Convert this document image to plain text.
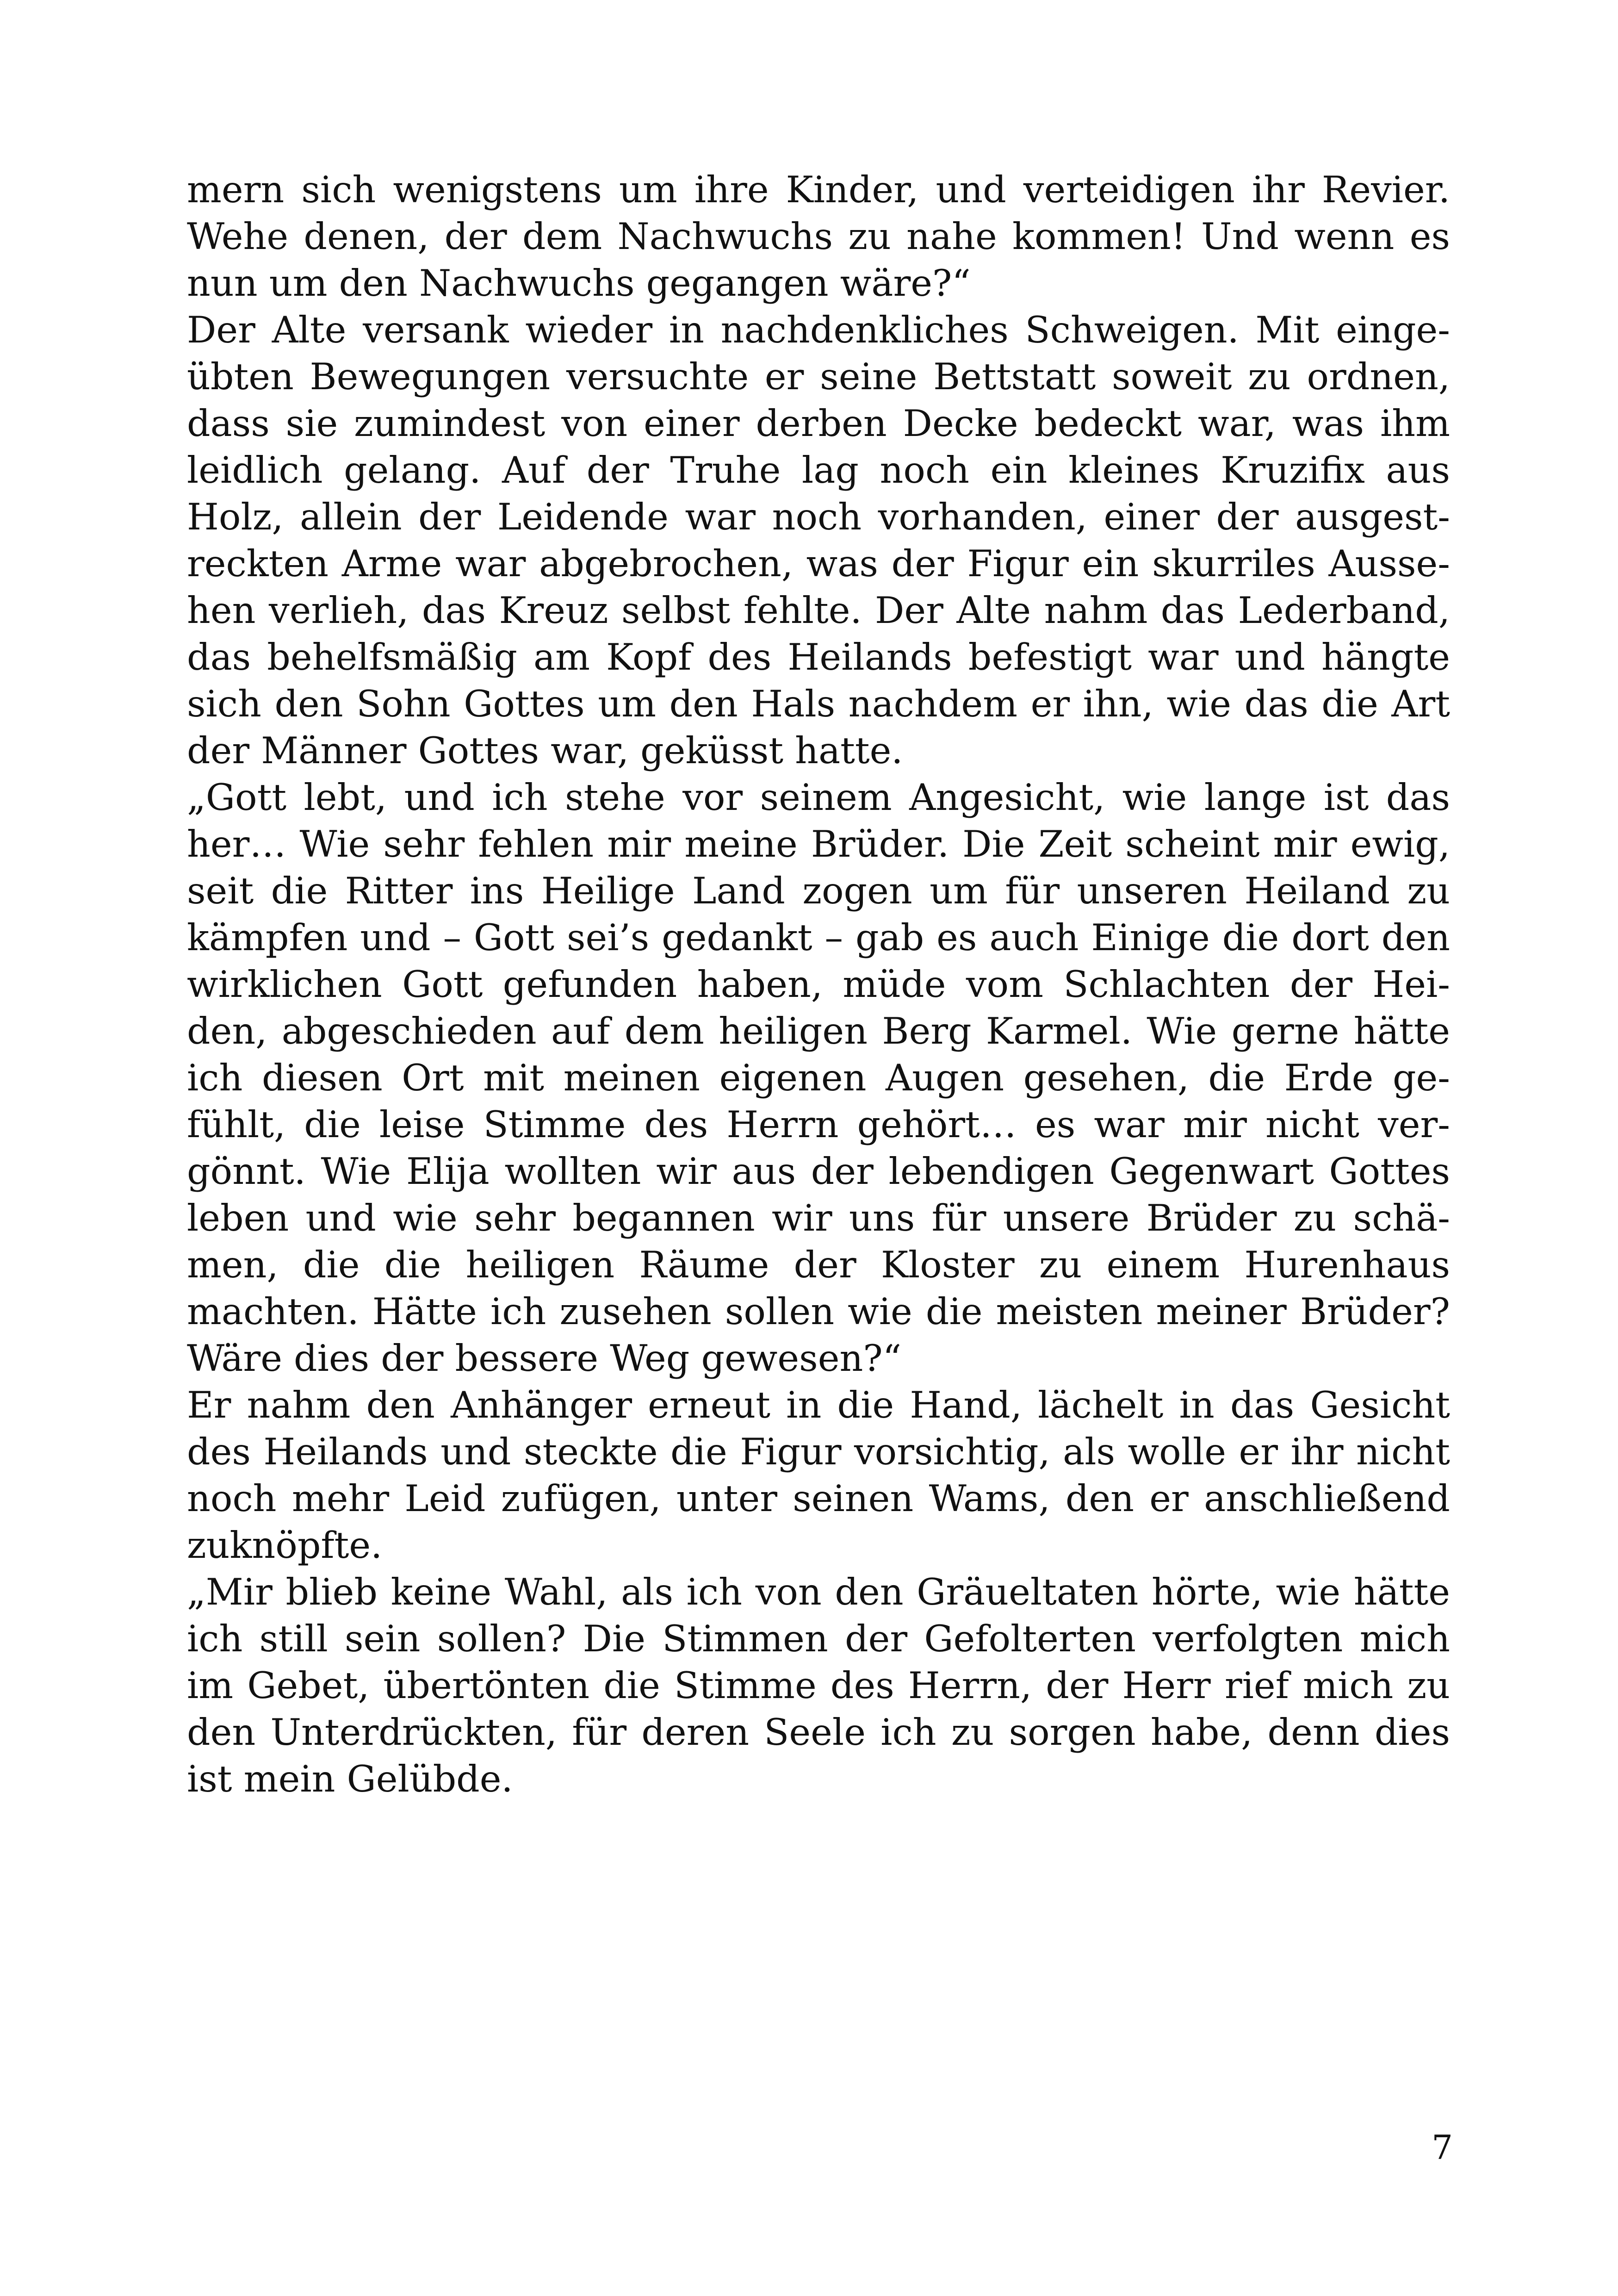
mern sich wenigstens um ihre Kinder, und verteidigen ihr Revier.
Wehe denen, der dem Nachwuchs zu nahe kommen! Und wenn es
nun um den Nachwuchs gegangen wäre?“
Der Alte versank wieder in nachdenkliches Schweigen. Mit einge-
übten Bewegungen versuchte er seine Bettstatt soweit zu ordnen,
dass sie zumindest von einer derben Decke bedeckt war, was ihm
leidlich gelang. Auf der Truhe lag noch ein kleines Kruzifix aus
Holz, allein der Leidende war noch vorhanden, einer der ausgest-
reckten Arme war abgebrochen, was der Figur ein skurriles Ausse-
hen verlieh, das Kreuz selbst fehlte. Der Alte nahm das Lederband,
das behelfsmäßig am Kopf des Heilands befestigt war und hängte
sich den Sohn Gottes um den Hals nachdem er ihn, wie das die Art
der Männer Gottes war, geküsst hatte.
„Gott lebt, und ich stehe vor seinem Angesicht, wie lange ist das
her… Wie sehr fehlen mir meine Brüder. Die Zeit scheint mir ewig,
seit die Ritter ins Heilige Land zogen um für unseren Heiland zu
kämpfen und – Gott sei’s gedankt – gab es auch Einige die dort den
wirklichen Gott gefunden haben, müde vom Schlachten der Hei-
den, abgeschieden auf dem heiligen Berg Karmel. Wie gerne hätte
ich diesen Ort mit meinen eigenen Augen gesehen, die Erde ge-
fühlt, die leise Stimme des Herrn gehört… es war mir nicht ver-
gönnt. Wie Elija wollten wir aus der lebendigen Gegenwart Gottes
leben und wie sehr begannen wir uns für unsere Brüder zu schä-
men, die die heiligen Räume der Kloster zu einem Hurenhaus
machten. Hätte ich zusehen sollen wie die meisten meiner Brüder?
Wäre dies der bessere Weg gewesen?“
Er nahm den Anhänger erneut in die Hand, lächelt in das Gesicht
des Heilands und steckte die Figur vorsichtig, als wolle er ihr nicht
noch mehr Leid zufügen, unter seinen Wams, den er anschließend
zuknöpfte.
„Mir blieb keine Wahl, als ich von den Gräueltaten hörte, wie hätte
ich still sein sollen? Die Stimmen der Gefolterten verfolgten mich
im Gebet, übertönten die Stimme des Herrn, der Herr rief mich zu
den Unterdrückten, für deren Seele ich zu sorgen habe, denn dies
ist mein Gelübde.
7
